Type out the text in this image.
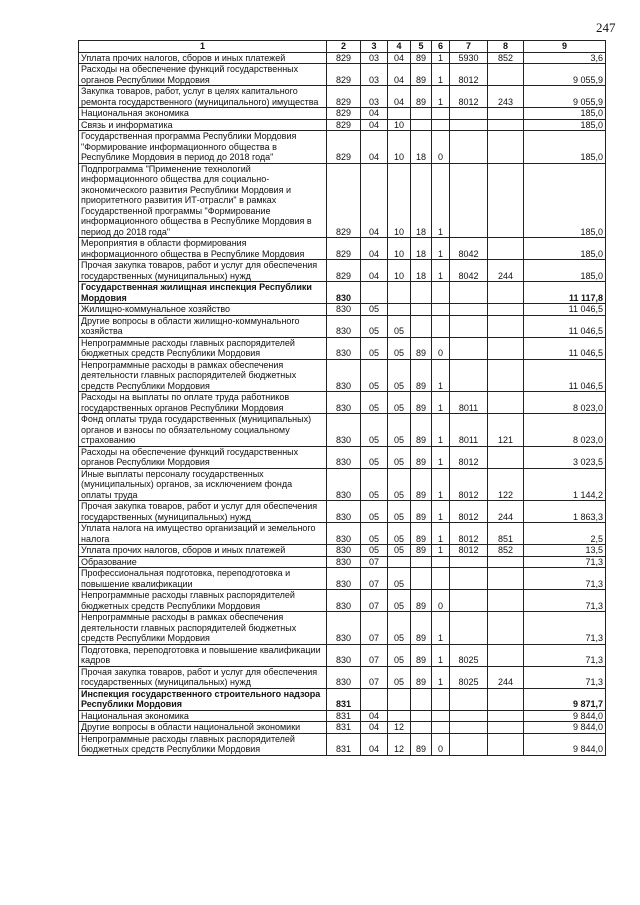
247
1	2	3	4	5	6	7	8	9
Уплата прочих налогов, сборов и иных платежей	829	03	04	89	1	5930	852	3,6
Расходы на обеспечение функций государственных органов Республики Мордовия	829	03	04	89	1	8012		9 055,9
Закупка товаров, работ, услуг в целях капитального ремонта государственного (муниципального) имущества	829	03	04	89	1	8012	243	9 055,9
Национальная экономика	829	04						185,0
Связь и информатика	829	04	10					185,0
Государственная программа Республики Мордовия "Формирование информационного общества в Республике Мордовия в период до 2018 года"	829	04	10	18	0			185,0
Подпрограмма "Применение технологий информационного общества для социально-экономического развития Республики Мордовия и приоритетного развития ИТ-отрасли" в рамках Государственной программы "Формирование информационного общества в Республике Мордовия в период до 2018 года"	829	04	10	18	1			185,0
Мероприятия в области формирования информационного общества в Республике Мордовия	829	04	10	18	1	8042		185,0
Прочая закупка товаров, работ и услуг для обеспечения государственных (муниципальных) нужд	829	04	10	18	1	8042	244	185,0
Государственная жилищная инспекция Республики Мордовия	830							11 117,8
Жилищно-коммунальное хозяйство	830	05						11 046,5
Другие вопросы в области жилищно-коммунального хозяйства	830	05	05					11 046,5
Непрограммные расходы главных распорядителей бюджетных средств Республики Мордовия	830	05	05	89	0			11 046,5
Непрограммные расходы в рамках обеспечения деятельности главных распорядителей бюджетных средств Республики Мордовия	830	05	05	89	1			11 046,5
Расходы на выплаты по оплате труда работников государственных органов Республики Мордовия	830	05	05	89	1	8011		8 023,0
Фонд оплаты труда государственных (муниципальных) органов и взносы по обязательному социальному страхованию	830	05	05	89	1	8011	121	8 023,0
Расходы на обеспечение функций государственных органов Республики Мордовия	830	05	05	89	1	8012		3 023,5
Иные выплаты персоналу государственных (муниципальных) органов, за исключением фонда оплаты труда	830	05	05	89	1	8012	122	1 144,2
Прочая закупка товаров, работ и услуг для обеспечения государственных (муниципальных) нужд	830	05	05	89	1	8012	244	1 863,3
Уплата налога на имущество организаций и земельного налога	830	05	05	89	1	8012	851	2,5
Уплата прочих налогов, сборов и иных платежей	830	05	05	89	1	8012	852	13,5
Образование	830	07						71,3
Профессиональная подготовка, переподготовка и повышение квалификации	830	07	05					71,3
Непрограммные расходы главных распорядителей бюджетных средств Республики Мордовия	830	07	05	89	0			71,3
Непрограммные расходы в рамках обеспечения деятельности главных распорядителей бюджетных средств Республики Мордовия	830	07	05	89	1			71,3
Подготовка, переподготовка и повышение квалификации кадров	830	07	05	89	1	8025		71,3
Прочая закупка товаров, работ и услуг для обеспечения государственных (муниципальных) нужд	830	07	05	89	1	8025	244	71,3
Инспекция государственного строительного надзора Республики Мордовия	831							9 871,7
Национальная экономика	831	04						9 844,0
Другие вопросы в области национальной экономики	831	04	12					9 844,0
Непрограммные расходы главных распорядителей бюджетных средств Республики Мордовия	831	04	12	89	0			9 844,0
